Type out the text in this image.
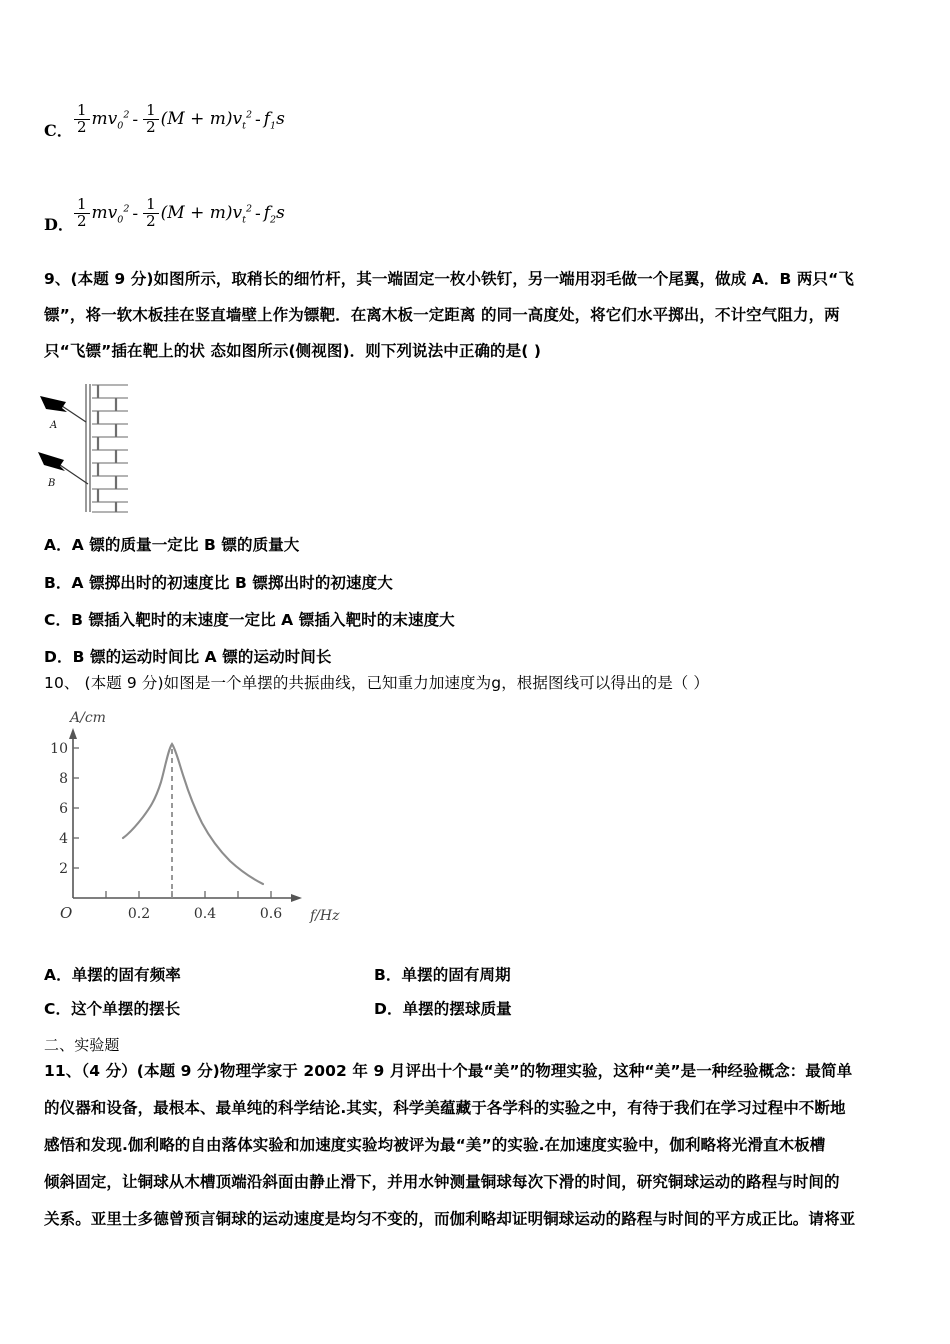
C． $\frac{1}{2} mv_0^2 - \frac{1}{2} (M + m)v_t^2 - f_1s$
D． $\frac{1}{2} mv_0^2 - \frac{1}{2} (M + m)v_t^2 - f_2s$
9、(本题 9 分)如图所示，取稍长的细竹杆，其一端固定一枚小铁钉，另一端用羽毛做一个尾翼，做成 A．B 两只“飞
镖”，将一软木板挂在竖直墙壁上作为镖靶．在离木板一定距离 的同一高度处，将它们水平掷出，不计空气阻力，两
只“飞镖”插在靶上的状 态如图所示(侧视图)．则下列说法中正确的是( )
A
B
A．A 镖的质量一定比 B 镖的质量大
B．A 镖掷出时的初速度比 B 镖掷出时的初速度大
C．B 镖插入靶时的末速度一定比 A 镖插入靶时的末速度大
D．B 镖的运动时间比 A 镖的运动时间长
10、 (本题 9 分)如图是一个单摆的共振曲线，已知重力加速度为g，根据图线可以得出的是（ ）
A/cm
2
4
6
8
10
0.2	0.4	0.6
O	f/Hz
A．单摆的固有频率	B．单摆的固有周期
C．这个单摆的摆长	D．单摆的摆球质量
二、实验题
11、（4 分）(本题 9 分)物理学家于 2002 年 9 月评出十个最“美”的物理实验，这种“美”是一种经验概念：最简单
的仪器和设备，最根本、最单纯的科学结论.其实，科学美蕴藏于各学科的实验之中，有待于我们在学习过程中不断地
感悟和发现.伽利略的自由落体实验和加速度实验均被评为最“美”的实验.在加速度实验中，伽利略将光滑直木板槽
倾斜固定，让铜球从木槽顶端沿斜面由静止滑下，并用水钟测量铜球每次下滑的时间，研究铜球运动的路程与时间的
关系。亚里士多德曾预言铜球的运动速度是均匀不变的，而伽利略却证明铜球运动的路程与时间的平方成正比。请将亚
